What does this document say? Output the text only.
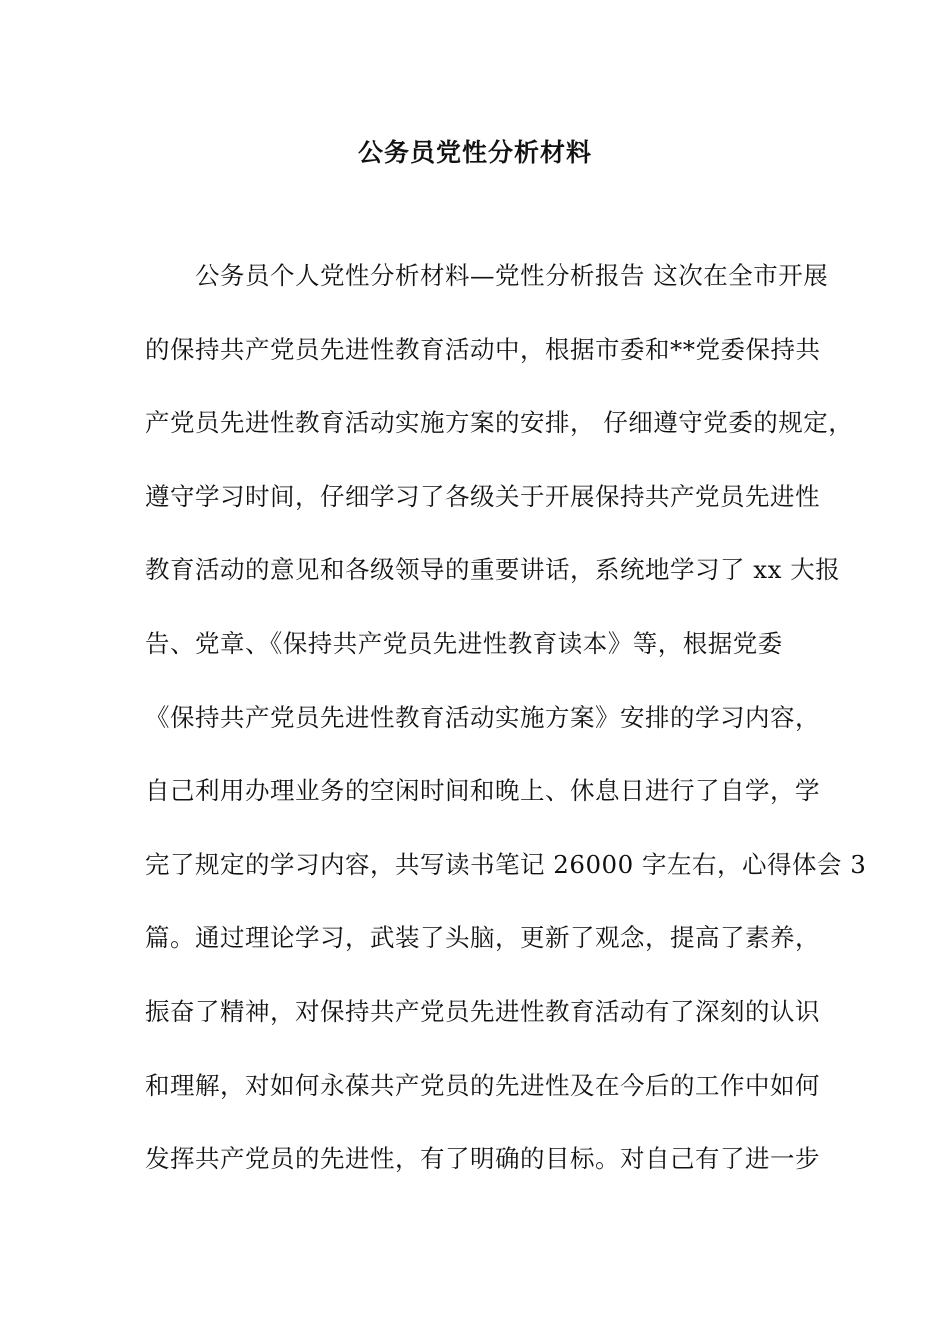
公务员党性分析材料
　　公务员个人党性分析材料—党性分析报告 这次在全市开展
的保持共产党员先进性教育活动中，根据市委和**党委保持共
产党员先进性教育活动实施方案的安排， 仔细遵守党委的规定，
遵守学习时间，仔细学习了各级关于开展保持共产党员先进性
教育活动的意见和各级领导的重要讲话，系统地学习了 xx 大报
告、党章、《保持共产党员先进性教育读本》等，根据党委
《保持共产党员先进性教育活动实施方案》安排的学习内容，
自己利用办理业务的空闲时间和晚上、休息日进行了自学，学
完了规定的学习内容，共写读书笔记 26000 字左右，心得体会 3
篇。通过理论学习，武装了头脑，更新了观念，提高了素养，
振奋了精神，对保持共产党员先进性教育活动有了深刻的认识
和理解，对如何永葆共产党员的先进性及在今后的工作中如何
发挥共产党员的先进性，有了明确的目标。对自己有了进一步
